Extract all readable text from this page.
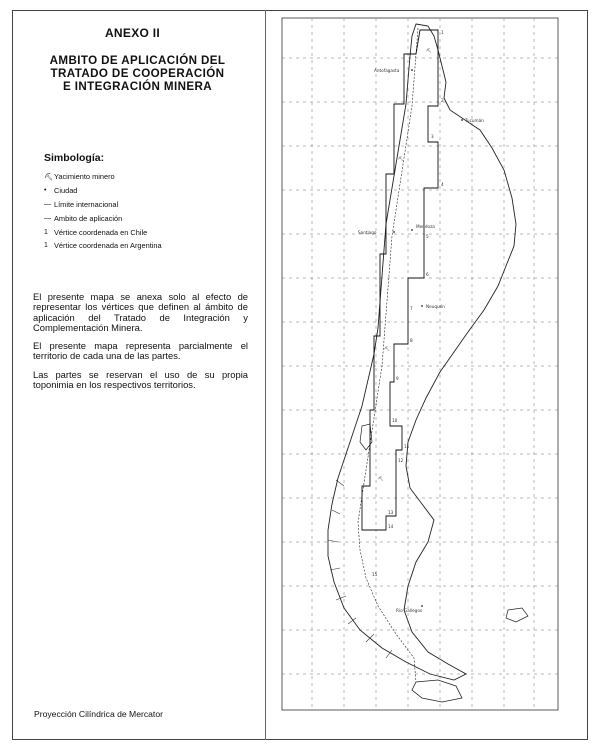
ANEXO II
AMBITO DE APLICACIÓN DEL
TRATADO DE COOPERACIÓN
E INTEGRACIÓN MINERA
Simbología:
⛏ Yacimiento minero
•	Ciudad
— Límite internacional
— Ambito de aplicación
1 Vértice coordenada en Chile
1 Vértice coordenada en Argentina

El presente mapa se anexa solo al efecto de representar los vértices que definen al ámbito de aplicación del Tratado de Integración y Complementación Minera.

El presente mapa representa parcialmente el territorio de cada una de las partes.

Las partes se reservan el uso de su propia toponimia en los respectivos territorios.

Proyección Cilíndrica de Mercator
1
2
3
4
5
6
7
8
9
10
11
12
13
14
15
Antofagasta
Tucumán
Santiago
Mendoza
Neuquén
Rio Gallegos
⛏
⛏
⛏
⛏
